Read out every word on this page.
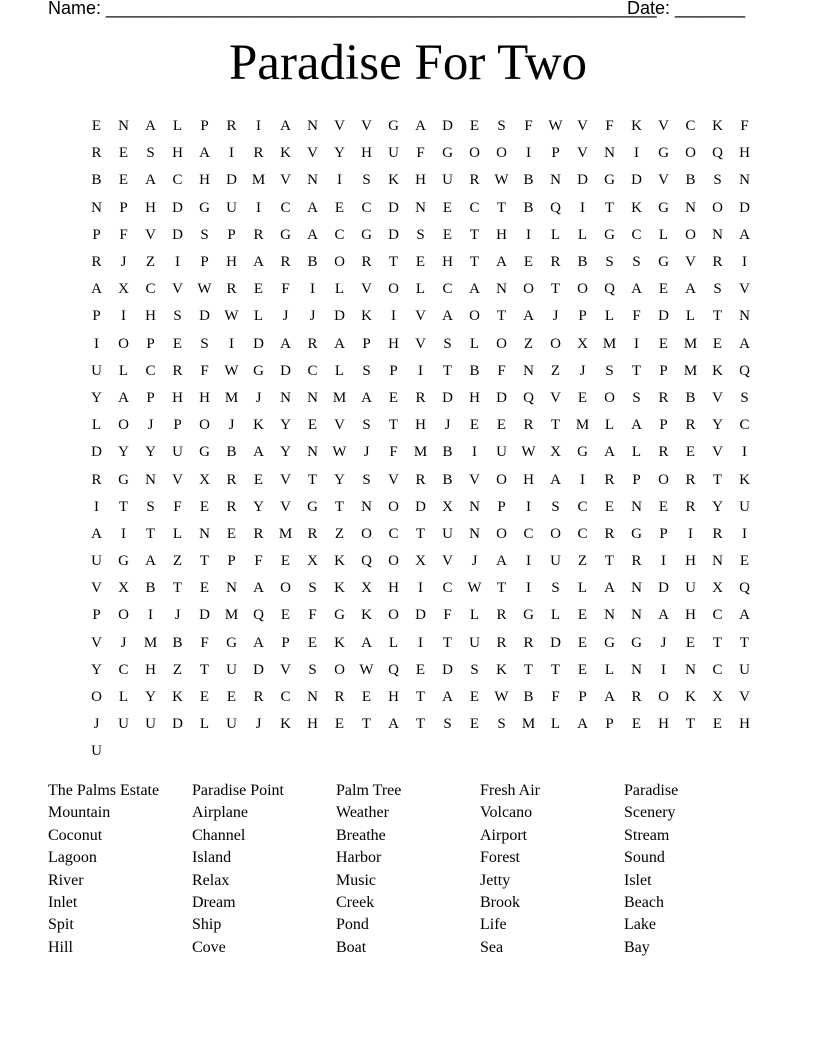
Name: _______________________________________________________
Date: _______
Paradise For Two
E	N	A	L	P	R	I	A	N	V	V	G	A	D	E	S	F	W V	F	K	V	C	K	F
R	E	S	H	A	I	R	K	V	Y	H	U	F	G	O	O	I	P	V	N	I	G	O	Q	H
B	E	A	C	H	D M V	N	I	S	K	H	U	R W B	N	D	G	D	V	B	S	N
N	P	H	D	G	U	I	C	A	E	C	D	N	E	C	T	B	Q	I	T	K	G	N	O	D
P	F	V	D	S	P	R	G	A	C	G	D	S	E	T	H	I	L	L	G	C	L	O	N	A
R	J	Z	I	P	H	A	R	B	O	R	T	E	H	T	A	E	R	B	S	S	G	V	R	I
A	X	C	V W R	E	F	I	L	V	O	L	C	A	N	O	T	O	Q	A	E	A	S	V
P	I	H	S	D W	L	J	J	D	K	I	V	A	O	T	A	J	P	L	F	D	L	T	N
I	O	P	E	S	I	D	A	R	A	P	H	V	S	L	O	Z	O	X M	I	E	M	E	A
U	L	C	R	F	W G	D	C	L	S	P	I	T	B	F	N	Z	J	S	T	P	M K	Q
Y	A	P	H	H M	J	N	N M A	E	R	D	H	D	Q	V	E	O	S	R	B	V	S
L	O	J	P	O	J	K	Y	E	V	S	T	H	J	E	E	R	T	M	L	A	P	R	Y	C
D	Y	Y	U	G	B	A	Y	N W	J	F	M	B	I	U W X	G	A	L	R	E	V	I
R	G	N	V	X	R	E	V	T	Y	S	V	R	B	V	O	H	A	I	R	P	O	R	T	K
I	T	S	F	E	R	Y	V	G	T	N	O	D	X	N	P	I	S	C	E	N	E	R	Y	U
A	I	T	L	N	E	R	M	R	Z	O	C	T	U	N	O	C	O	C	R	G	P	I	R	I
U	G	A	Z	T	P	F	E	X	K	Q	O	X	V	J	A	I	U	Z	T	R	I	H	N	E
V	X	B	T	E	N	A	O	S	K	X	H	I	C W	T	I	S	L	A	N	D	U	X	Q
P	O	I	J	D M Q	E	F	G	K	O	D	F	L	R	G	L	E	N	N	A	H	C	A
V	J	M	B	F	G	A	P	E	K	A	L	I	T	U	R	R	D	E	G	G	J	E	T	T
Y	C	H	Z	T	U	D	V	S	O W Q	E	D	S	K	T	T	E	L	N	I	N	C	U
O	L	Y	K	E	E	R	C	N	R	E	H	T	A	E	W B	F	P	A	R	O	K	X	V
J	U	U	D	L	U	J	K	H	E	T	A	T	S	E	S	M	L	A	P	E	H	T	E	H
U
The Palms Estate
Mountain
Coconut
Lagoon
River
Inlet
Spit
Hill
Paradise Point
Airplane
Channel
Island
Relax
Dream
Ship
Cove
Palm Tree
Weather
Breathe
Harbor
Music
Creek
Pond
Boat
Fresh Air
Volcano
Airport
Forest
Jetty
Brook
Life
Sea
Paradise
Scenery
Stream
Sound
Islet
Beach
Lake
Bay
